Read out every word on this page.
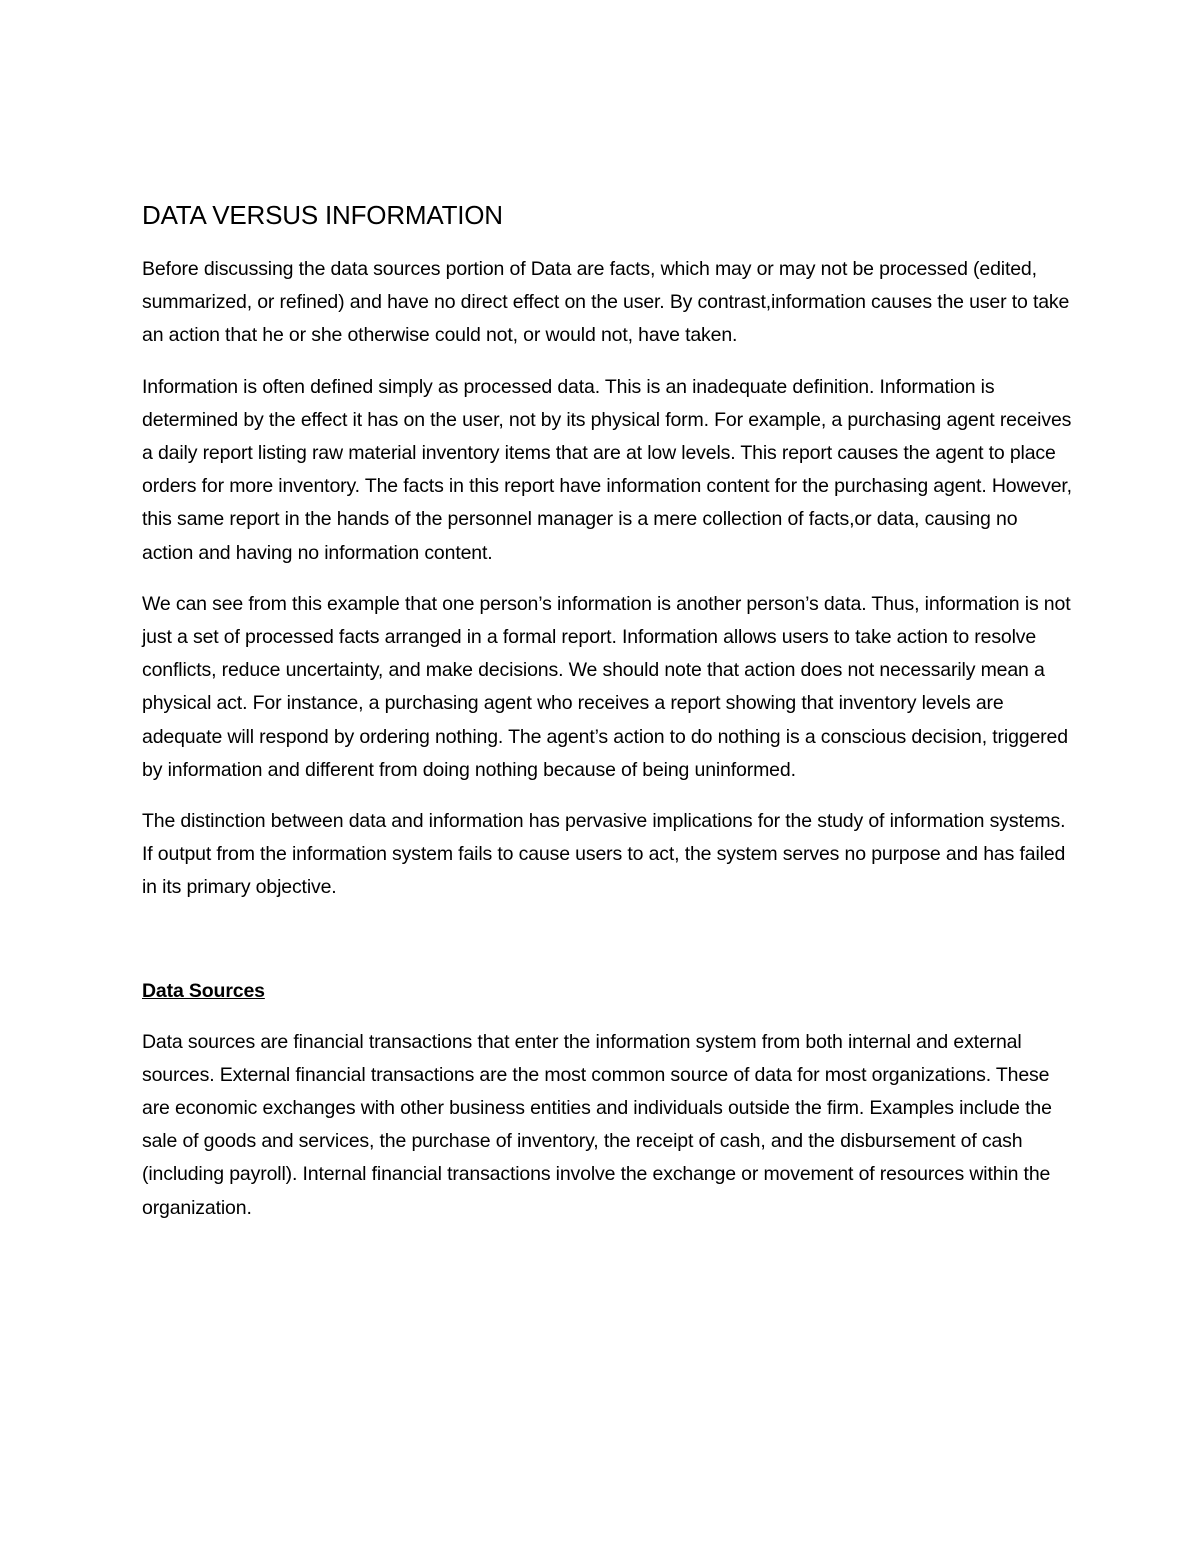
DATA VERSUS INFORMATION

Before discussing the data sources portion of Data are facts, which may or may not be processed (edited, summarized, or refined) and have no direct effect on the user. By contrast,information causes the user to take an action that he or she otherwise could not, or would not, have taken.

Information is often defined simply as processed data. This is an inadequate definition. Information is determined by the effect it has on the user, not by its physical form. For example, a purchasing agent receives a daily report listing raw material inventory items that are at low levels. This report causes the agent to place orders for more inventory. The facts in this report have information content for the purchasing agent. However, this same report in the hands of the personnel manager is a mere collection of facts,or data, causing no action and having no information content.

We can see from this example that one person’s information is another person’s data. Thus, information is not just a set of processed facts arranged in a formal report. Information allows users to take action to resolve conflicts, reduce uncertainty, and make decisions. We should note that action does not necessarily mean a physical act. For instance, a purchasing agent who receives a report showing that inventory levels are adequate will respond by ordering nothing. The agent’s action to do nothing is a conscious decision, triggered by information and different from doing nothing because of being uninformed.

The distinction between data and information has pervasive implications for the study of information systems. If output from the information system fails to cause users to act, the system serves no purpose and has failed in its primary objective.

Data Sources

Data sources are financial transactions that enter the information system from both internal and external sources. External financial transactions are the most common source of data for most organizations. These are economic exchanges with other business entities and individuals outside the firm. Examples include the sale of goods and services, the purchase of inventory, the receipt of cash, and the disbursement of cash (including payroll). Internal financial transactions involve the exchange or movement of resources within the organization.
